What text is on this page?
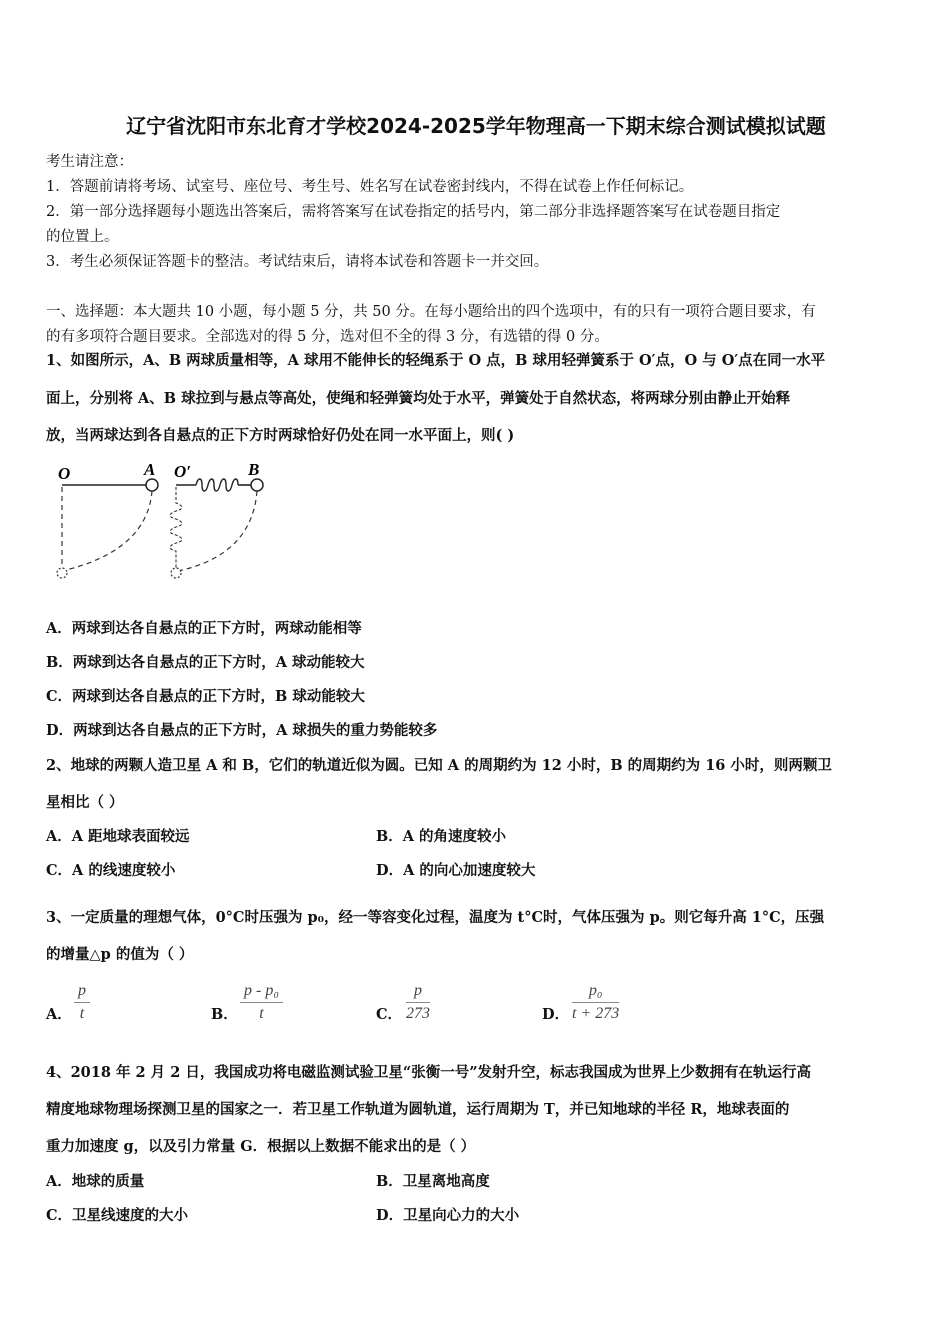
辽宁省沈阳市东北育才学校2024-2025学年物理高一下期末综合测试模拟试题
考生请注意：
1．答题前请将考场、试室号、座位号、考生号、姓名写在试卷密封线内，不得在试卷上作任何标记。
2．第一部分选择题每小题选出答案后，需将答案写在试卷指定的括号内，第二部分非选择题答案写在试卷题目指定
的位置上。
3．考生必须保证答题卡的整洁。考试结束后，请将本试卷和答题卡一并交回。
一、选择题：本大题共 10 小题，每小题 5 分，共 50 分。在每小题给出的四个选项中，有的只有一项符合题目要求，有
的有多项符合题目要求。全部选对的得 5 分，选对但不全的得 3 分，有选错的得 0 分。
1、如图所示，A、B 两球质量相等，A 球用不能伸长的轻绳系于 O 点，B 球用轻弹簧系于 O′点，O 与 O′点在同一水平
面上，分别将 A、B 球拉到与悬点等高处，使绳和轻弹簧均处于水平，弹簧处于自然状态，将两球分别由静止开始释
放，当两球达到各自悬点的正下方时两球恰好仍处在同一水平面上，则( )
O	A O′	B
A．两球到达各自悬点的正下方时，两球动能相等
B．两球到达各自悬点的正下方时，A 球动能较大
C．两球到达各自悬点的正下方时，B 球动能较大
D．两球到达各自悬点的正下方时，A 球损失的重力势能较多
2、地球的两颗人造卫星 A 和 B，它们的轨道近似为圆。已知 A 的周期约为 12 小时，B 的周期约为 16 小时，则两颗卫
星相比（ ）
A．A 距地球表面较远	B．A 的角速度较小
C．A 的线速度较小	D．A 的向心加速度较大
3、一定质量的理想气体，0°C时压强为 p₀，经一等容变化过程，温度为 t°C时，气体压强为 p。则它每升高 1°C，压强
的增量△p 的值为（ ）
A． $\frac{p}{t}$	B． $\frac{\text{p - p₀}}{t}$	C． $\frac{p}{273}$	D． $\frac{\text{p₀}}{t + 273}$
4、2018 年 2 月 2 日，我国成功将电磁监测试验卫星“张衡一号”发射升空，标志我国成为世界上少数拥有在轨运行高
精度地球物理场探测卫星的国家之一．若卫星工作轨道为圆轨道，运行周期为 T，并已知地球的半径 R，地球表面的
重力加速度 g，以及引力常量 G．根据以上数据不能求出的是（ ）
A．地球的质量	B．卫星离地高度
C．卫星线速度的大小	D．卫星向心力的大小
